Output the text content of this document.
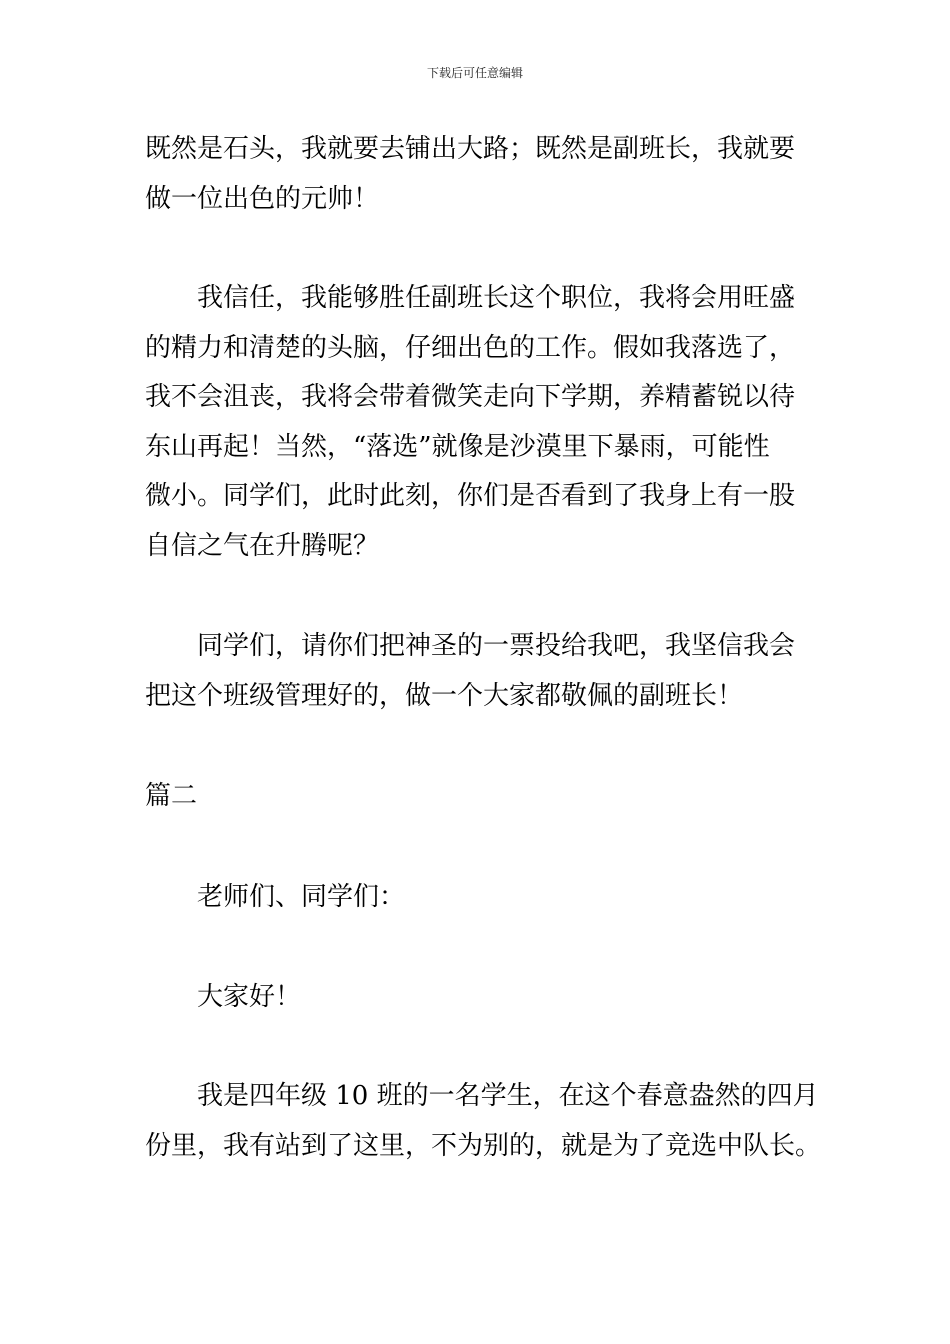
下载后可任意编辑
既然是石头，我就要去铺出大路；既然是副班长，我就要
做一位出色的元帅！
我信任，我能够胜任副班长这个职位，我将会用旺盛
的精力和清楚的头脑，仔细出色的工作。假如我落选了，
我不会沮丧，我将会带着微笑走向下学期，养精蓄锐以待
东山再起！当然，“落选”就像是沙漠里下暴雨，可能性
微小。同学们，此时此刻，你们是否看到了我身上有一股
自信之气在升腾呢？
同学们，请你们把神圣的一票投给我吧，我坚信我会
把这个班级管理好的，做一个大家都敬佩的副班长！
篇二
老师们、同学们：
大家好！
我是四年级 10 班的一名学生，在这个春意盎然的四月
份里，我有站到了这里，不为别的，就是为了竞选中队长。
